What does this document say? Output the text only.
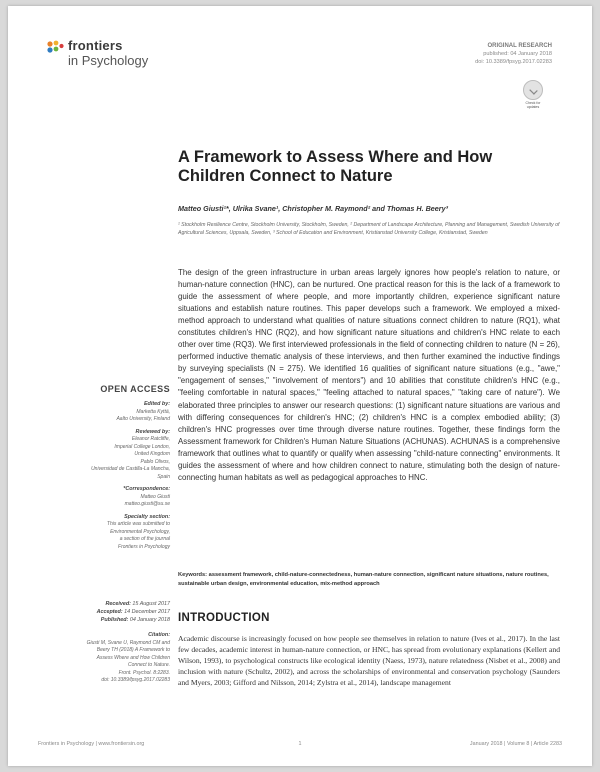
frontiers
in Psychology
ORIGINAL RESEARCH
published: 04 January 2018
doi: 10.3389/fpsyg.2017.02283
Check for updates
A Framework to Assess Where and How Children Connect to Nature

Matteo Giusti¹*, Ulrika Svane¹, Christopher M. Raymond² and Thomas H. Beery³

¹ Stockholm Resilience Centre, Stockholm University, Stockholm, Sweden, ² Department of Landscape Architecture, Planning and Management, Swedish University of Agricultural Sciences, Uppsala, Sweden, ³ School of Education and Environment, Kristianstad University College, Kristianstad, Sweden

The design of the green infrastructure in urban areas largely ignores how people's relation to nature, or human-nature connection (HNC), can be nurtured. One practical reason for this is the lack of a framework to guide the assessment of where people, and more importantly children, experience significant nature situations and establish nature routines. This paper develops such a framework. We employed a mixed-method approach to understand what qualities of nature situations connect children to nature (RQ1), what constitutes children's HNC (RQ2), and how significant nature situations and children's HNC relate to each other over time (RQ3). We first interviewed professionals in the field of connecting children to nature (N = 26), performed inductive thematic analysis of these interviews, and then further examined the inductive findings by surveying specialists (N = 275). We identified 16 qualities of significant nature situations (e.g., "awe," "engagement of senses," "involvement of mentors") and 10 abilities that constitute children's HNC (e.g., "feeling comfortable in natural spaces," "feeling attached to natural spaces," "taking care of nature"). We elaborated three principles to answer our research questions: (1) significant nature situations are various and with differing consequences for children's HNC; (2) children's HNC is a complex embodied ability; (3) children's HNC progresses over time through diverse nature routines. Together, these findings form the Assessment framework for Children's Human Nature Situations (ACHUNAS). ACHUNAS is a comprehensive framework that outlines what to quantify or qualify when assessing "child-nature connecting" environments. It guides the assessment of where and how children connect to nature, stimulating both the design of nature-connecting human habitats as well as pedagogical approaches to HNC.

Keywords: assessment framework, child-nature-connectedness, human-nature connection, significant nature situations, nature routines, sustainable urban design, environmental education, mix-method approach

INTRODUCTION

Academic discourse is increasingly focused on how people see themselves in relation to nature (Ives et al., 2017). In the last few decades, academic interest in human-nature connection, or HNC, has spread from evolutionary explanations (Kellert and Wilson, 1993), to psychological constructs like ecological identity (Naess, 1973), nature relatedness (Nisbet et al., 2008) and inclusion with nature (Schultz, 2002), and across the scholarships of environmental and conservation psychology (Saunders and Myers, 2003; Gifford and Nilsson, 2014; Zylstra et al., 2014), landscape management

OPEN ACCESS
Edited by:
Marketta Kyttä,
Aalto University, Finland
Reviewed by:
Eleanor Ratcliffe,
Imperial College London,
United Kingdom
Pablo Olivos,
Universidad de Castilla-La Mancha,
Spain
*Correspondence:
Matteo Giusti
matteo.giusti@su.se
Specialty section:
This article was submitted to
Environmental Psychology,
a section of the journal
Frontiers in Psychology
Received: 15 August 2017
Accepted: 14 December 2017
Published: 04 January 2018
Citation:
Giusti M, Svane U, Raymond CM and
Beery TH (2018) A Framework to
Assess Where and How Children
Connect to Nature.
Front. Psychol. 8:2283.
doi: 10.3389/fpsyg.2017.02283
Frontiers in Psychology | www.frontiersin.org	1	January 2018 | Volume 8 | Article 2283
